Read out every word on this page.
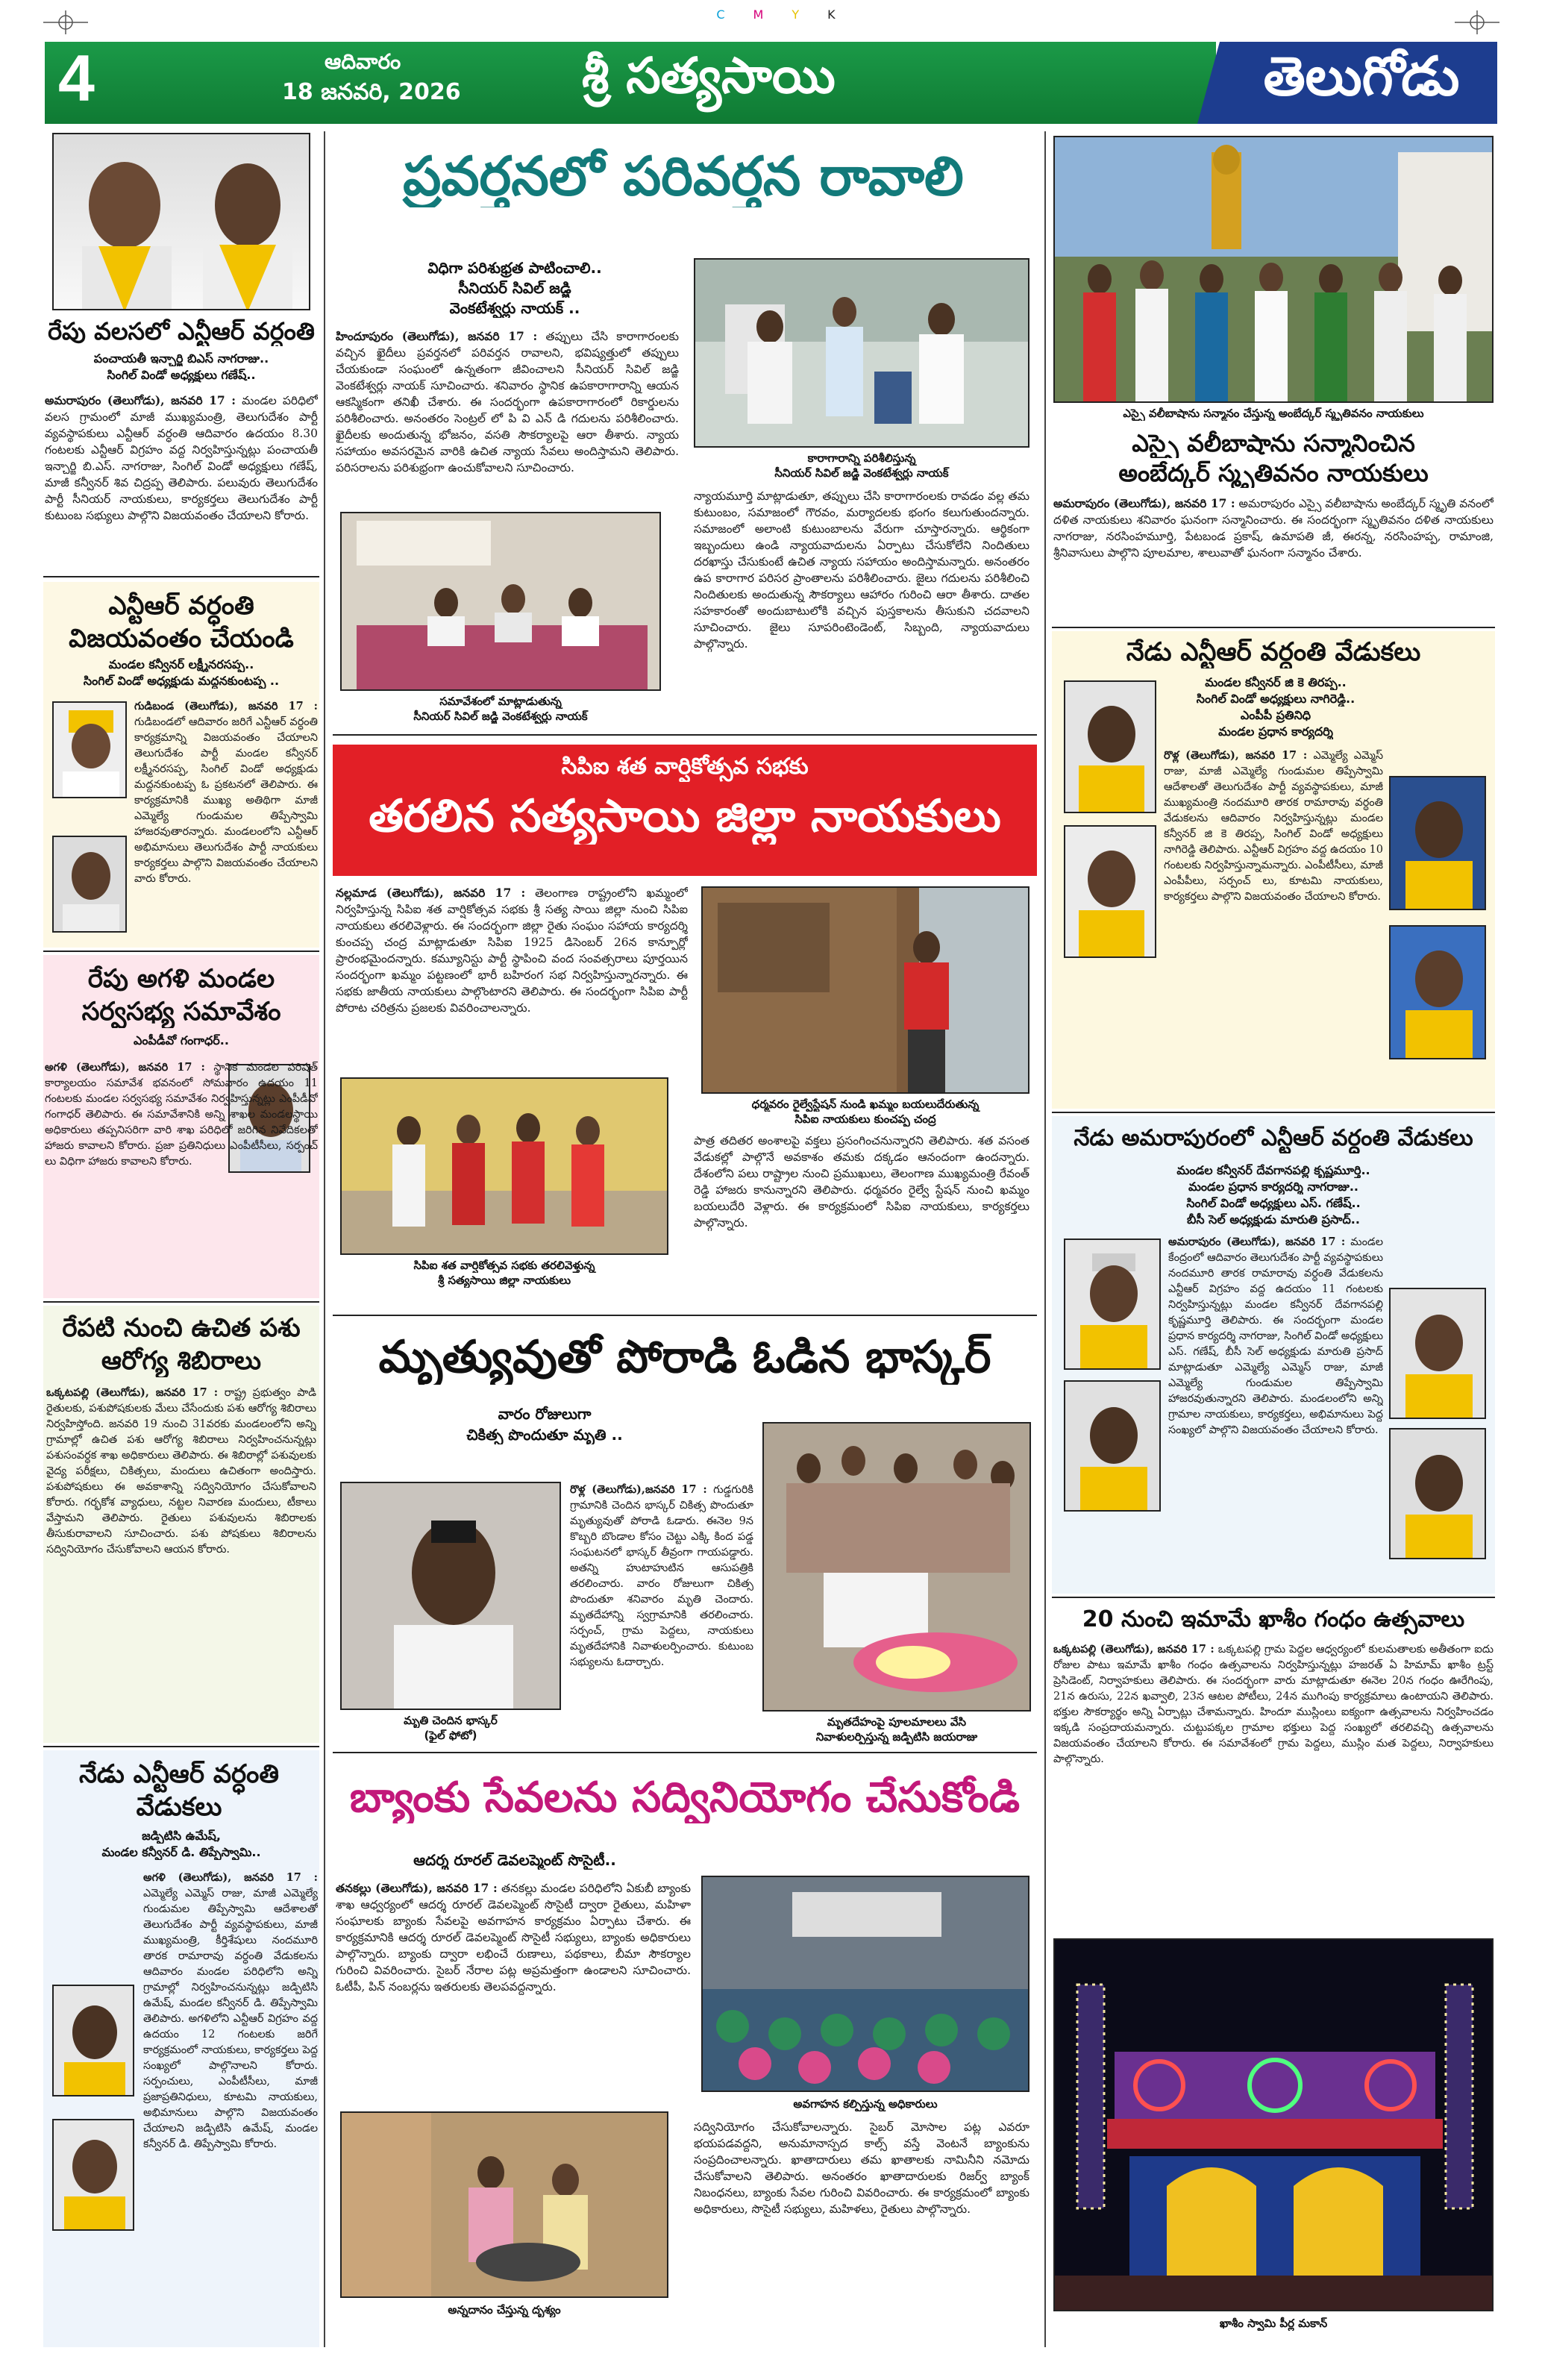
C M Y K
4	ఆదివారం
18 జనవరి, 2026 శ్రీ సత్యసాయి	తెలుగోడు
రేపు వలసలో ఎన్టీఆర్ వర్ధంతి
పంచాయతీ ఇన్చార్జి బిఎస్ నాగరాజు..
సింగిల్ విండో అధ్యక్షులు గణేష్..
అమరాపురం (తెలుగోడు), జనవరి 17 : మండల పరిధిలో వలస గ్రామంలో మాజీ ముఖ్యమంత్రి, తెలుగుదేశం పార్టీ వ్యవస్థాపకులు ఎన్టీఆర్ వర్ధంతి ఆదివారం ఉదయం 8.30 గంటలకు ఎన్టీఆర్ విగ్రహం వద్ద నిర్వహిస్తున్నట్లు పంచాయతీ ఇన్చార్జి బి.ఎస్. నాగరాజు, సింగిల్ విండో అధ్యక్షులు గణేష్, మాజీ కన్వీనర్ శివ చిద్రప్ప తెలిపారు. పలువురు తెలుగుదేశం పార్టీ సీనియర్ నాయకులు, కార్యకర్తలు తెలుగుదేశం పార్టీ కుటుంబ సభ్యులు పాల్గొని విజయవంతం చేయాలని కోరారు.
ఎన్టీఆర్ వర్ధంతి విజయవంతం చేయండి
మండల కన్వీనర్ లక్ష్మీనరసప్ప..
సింగిల్ విండో అధ్యక్షుడు మద్దనకుంటప్ప ..
గుడిబండ (తెలుగోడు), జనవరి 17 : గుడిబండలో ఆదివారం జరిగే ఎన్టీఆర్ వర్ధంతి కార్యక్రమాన్ని విజయవంతం చేయాలని తెలుగుదేశం పార్టీ మండల కన్వీనర్ లక్ష్మీనరసప్ప, సింగిల్ విండో అధ్యక్షుడు మద్దనకుంటప్ప ఓ ప్రకటనలో తెలిపారు. ఈ కార్యక్రమానికి ముఖ్య అతిథిగా మాజీ ఎమ్మెల్యే గుండుమల తిప్పేస్వామి హాజరవుతారన్నారు. మండలంలోని ఎన్టీఆర్ అభిమానులు తెలుగుదేశం పార్టీ నాయకులు కార్యకర్తలు పాల్గొని విజయవంతం చేయాలని వారు కోరారు.
రేపు అగళి మండల సర్వసభ్య సమావేశం
ఎంపీడీవో గంగాధర్..
అగళి (తెలుగోడు), జనవరి 17 : స్థానిక మండల పరిషత్ కార్యాలయం సమావేశ భవనంలో సోమవారం ఉదయం 11 గంటలకు మండల సర్వసభ్య సమావేశం నిర్వహిస్తున్నట్లు ఎంపీడీవో గంగాధర్ తెలిపారు. ఈ సమావేశానికి అన్ని శాఖల మండలస్థాయి అధికారులు తప్పనిసరిగా వారి శాఖ పరిధిలో జరిగిన నివేదికలతో హాజరు కావాలని కోరారు. ప్రజా ప్రతినిధులు ఎంపీటీసీలు, సర్పంచ్ లు విధిగా హాజరు కావాలని కోరారు.
రేపటి నుంచి ఉచిత పశు ఆరోగ్య శిబిరాలు
ఒక్కటపల్లి (తెలుగోడు), జనవరి 17 : రాష్ట్ర ప్రభుత్వం పాడి రైతులకు, పశుపోషకులకు మేలు చేసేందుకు పశు ఆరోగ్య శిబిరాలు నిర్వహిస్తోంది. జనవరి 19 నుంచి 31వరకు మండలంలోని అన్ని గ్రామాల్లో ఉచిత పశు ఆరోగ్య శిబిరాలు నిర్వహించనున్నట్లు పశుసంవర్ధక శాఖ అధికారులు తెలిపారు. ఈ శిబిరాల్లో పశువులకు వైద్య పరీక్షలు, చికిత్సలు, మందులు ఉచితంగా అందిస్తారు. పశుపోషకులు ఈ అవకాశాన్ని సద్వినియోగం చేసుకోవాలని కోరారు. గర్భకోశ వ్యాధులు, నట్టల నివారణ మందులు, టీకాలు వేస్తామని తెలిపారు. రైతులు పశువులను శిబిరాలకు తీసుకురావాలని సూచించారు. పశు పోషకులు శిబిరాలను సద్వినియోగం చేసుకోవాలని ఆయన కోరారు.
నేడు ఎన్టీఆర్ వర్ధంతి వేడుకలు
జడ్పిటిసి ఉమేష్,
మండల కన్వీనర్ డి. తిప్పేస్వామి..
అగళి (తెలుగోడు), జనవరి 17 : ఎమ్మెల్యే ఎమ్మెస్ రాజు, మాజీ ఎమ్మెల్యే గుండుమల తిప్పేస్వామి ఆదేశాలతో తెలుగుదేశం పార్టీ వ్యవస్థాపకులు, మాజీ ముఖ్యమంత్రి, కీర్తిశేషులు నందమూరి తారక రామారావు వర్ధంతి వేడుకలను ఆదివారం మండల పరిధిలోని అన్ని గ్రామాల్లో నిర్వహించనున్నట్లు జడ్పిటిసి ఉమేష్, మండల కన్వీనర్ డి. తిప్పేస్వామి తెలిపారు. అగళిలోని ఎన్టీఆర్ విగ్రహం వద్ద ఉదయం 12 గంటలకు జరిగే కార్యక్రమంలో నాయకులు, కార్యకర్తలు పెద్ద సంఖ్యలో పాల్గొనాలని కోరారు. సర్పంచులు, ఎంపీటీసీలు, మాజీ ప్రజాప్రతినిధులు, కూటమి నాయకులు, అభిమానులు పాల్గొని విజయవంతం చేయాలని జడ్పిటిసి ఉమేష్, మండల కన్వీనర్ డి. తిప్పేస్వామి కోరారు.
ప్రవర్తనలో పరివర్తన రావాలి
విధిగా పరిశుభ్రత పాటించాలి..
సీనియర్ సివిల్ జడ్జి
వెంకటేశ్వర్లు నాయక్ ..
హిందూపురం (తెలుగోడు), జనవరి 17 : తప్పులు చేసి కారాగారంలకు వచ్చిన ఖైదీలు ప్రవర్తనలో పరివర్తన రావాలని, భవిష్యత్తులో తప్పులు చేయకుండా సంఘంలో ఉన్నతంగా జీవించాలని సీనియర్ సివిల్ జడ్జి వెంకటేశ్వర్లు నాయక్ సూచించారు. శనివారం స్థానిక ఉపకారాగారాన్ని ఆయన ఆకస్మికంగా తనిఖీ చేశారు. ఈ సందర్భంగా ఉపకారాగారంలో రికార్డులను పరిశీలించారు. అనంతరం సెంట్రల్ లో పి వి ఎన్ డి గదులను పరిశీలించారు. ఖైదీలకు అందుతున్న భోజనం, వసతి సౌకర్యాలపై ఆరా తీశారు. న్యాయ సహాయం అవసరమైన వారికి ఉచిత న్యాయ సేవలు అందిస్తామని తెలిపారు. పరిసరాలను పరిశుభ్రంగా ఉంచుకోవాలని సూచించారు.
కారాగారాన్ని పరిశీలిస్తున్న
సీనియర్ సివిల్ జడ్జి వెంకటేశ్వర్లు నాయక్
సమావేశంలో మాట్లాడుతున్న
సీనియర్ సివిల్ జడ్జి వెంకటేశ్వర్లు నాయక్
న్యాయమూర్తి మాట్లాడుతూ, తప్పులు చేసి కారాగారంలకు రావడం వల్ల తమ కుటుంబం, సమాజంలో గౌరవం, మర్యాదలకు భంగం కలుగుతుందన్నారు. సమాజంలో అలాంటి కుటుంబాలను వేరుగా చూస్తారన్నారు. ఆర్థికంగా ఇబ్బందులు ఉండి న్యాయవాదులను ఏర్పాటు చేసుకోలేని నిందితులు దరఖాస్తు చేసుకుంటే ఉచిత న్యాయ సహాయం అందిస్తామన్నారు. అనంతరం ఉప కారాగార పరిసర ప్రాంతాలను పరిశీలించారు. జైలు గదులను పరిశీలించి నిందితులకు అందుతున్న సౌకర్యాలు ఆహారం గురించి ఆరా తీశారు. దాతల సహకారంతో అందుబాటులోకి వచ్చిన పుస్తకాలను తీసుకుని చదవాలని సూచించారు. జైలు సూపరింటెండెంట్, సిబ్బంది, న్యాయవాదులు పాల్గొన్నారు.
సిపిఐ శత వార్షికోత్సవ సభకు
తరలిన సత్యసాయి జిల్లా నాయకులు
నల్లమాడ (తెలుగోడు), జనవరి 17 : తెలంగాణ రాష్ట్రంలోని ఖమ్మంలో నిర్వహిస్తున్న సిపిఐ శత వార్షికోత్సవ సభకు శ్రీ సత్య సాయి జిల్లా నుంచి సిపిఐ నాయకులు తరలివెళ్లారు. ఈ సందర్భంగా జిల్లా రైతు సంఘం సహాయ కార్యదర్శి కుంచప్ప చంద్ర మాట్లాడుతూ సిపిఐ 1925 డిసెంబర్ 26న కాన్పూర్లో ప్రారంభమైందన్నారు. కమ్యూనిస్టు పార్టీ స్థాపించి వంద సంవత్సరాలు పూర్తయిన సందర్భంగా ఖమ్మం పట్టణంలో భారీ బహిరంగ సభ నిర్వహిస్తున్నారన్నారు. ఈ సభకు జాతీయ నాయకులు పాల్గొంటారని తెలిపారు. ఈ సందర్భంగా సిపిఐ పార్టీ పోరాట చరిత్రను ప్రజలకు వివరించాలన్నారు.
ధర్మవరం రైల్వేస్టేషన్ నుండి ఖమ్మం బయలుదేరుతున్న
సిపిఐ నాయకులు కుంచప్ప చంద్ర
సిపిఐ శత వార్షికోత్సవ సభకు తరలివెళ్తున్న
శ్రీ సత్యసాయి జిల్లా నాయకులు
పాత్ర తదితర అంశాలపై వక్తలు ప్రసంగించనున్నారని తెలిపారు. శత వసంత వేడుకల్లో పాల్గొనే అవకాశం తమకు దక్కడం ఆనందంగా ఉందన్నారు. దేశంలోని పలు రాష్ట్రాల నుంచి ప్రముఖులు, తెలంగాణ ముఖ్యమంత్రి రేవంత్ రెడ్డి హాజరు కానున్నారని తెలిపారు. ధర్మవరం రైల్వే స్టేషన్ నుంచి ఖమ్మం బయలుదేరి వెళ్లారు. ఈ కార్యక్రమంలో సిపిఐ నాయకులు, కార్యకర్తలు పాల్గొన్నారు.
మృత్యువుతో పోరాడి ఓడిన భాస్కర్
వారం రోజులుగా
చికిత్స పొందుతూ మృతి ..
మృతి చెందిన భాస్కర్
(ఫైల్ ఫోటో)
రొళ్ల (తెలుగోడు),జనవరి 17 : గుడ్డగురికి గ్రామానికి చెందిన భాస్కర్ చికిత్స పొందుతూ మృత్యువుతో పోరాడి ఓడారు. ఈనెల 9న కొబ్బరి బొండాల కోసం చెట్టు ఎక్కి కింద పడ్డ సంఘటనలో భాస్కర్ తీవ్రంగా గాయపడ్డారు. అతన్ని హుటాహుటిన ఆసుపత్రికి తరలించారు. వారం రోజులుగా చికిత్స పొందుతూ శనివారం మృతి చెందారు. మృతదేహాన్ని స్వగ్రామానికి తరలించారు. సర్పంచ్, గ్రామ పెద్దలు, నాయకులు మృతదేహానికి నివాళులర్పించారు. కుటుంబ సభ్యులను ఓదార్చారు.
మృతదేహంపై పూలమాలలు వేసి
నివాళులర్పిస్తున్న జడ్పిటిసి జయరాజు
బ్యాంకు సేవలను సద్వినియోగం చేసుకోండి
ఆదర్శ రూరల్ డెవలప్మెంట్ సొసైటీ..
తనకల్లు (తెలుగోడు), జనవరి 17 : తనకల్లు మండల పరిధిలోని ఏకుబీ బ్యాంకు శాఖ ఆధ్వర్యంలో ఆదర్శ రూరల్ డెవలప్మెంట్ సొసైటీ ద్వారా రైతులు, మహిళా సంఘాలకు బ్యాంకు సేవలపై అవగాహన కార్యక్రమం ఏర్పాటు చేశారు. ఈ కార్యక్రమానికి ఆదర్శ రూరల్ డెవలప్మెంట్ సొసైటీ సభ్యులు, బ్యాంకు అధికారులు పాల్గొన్నారు. బ్యాంకు ద్వారా లభించే రుణాలు, పథకాలు, బీమా సౌకర్యాల గురించి వివరించారు. సైబర్ నేరాల పట్ల అప్రమత్తంగా ఉండాలని సూచించారు. ఓటీపీ, పిన్ నంబర్లను ఇతరులకు తెలపవద్దన్నారు.
అవగాహన కల్పిస్తున్న అధికారులు
అన్నదానం చేస్తున్న దృశ్యం
సద్వినియోగం చేసుకోవాలన్నారు. సైబర్ మోసాల పట్ల ఎవరూ భయపడవద్దని, అనుమానాస్పద కాల్స్ వస్తే వెంటనే బ్యాంకును సంప్రదించాలన్నారు. ఖాతాదారులు తమ ఖాతాలకు నామినీని నమోదు చేసుకోవాలని తెలిపారు. అనంతరం ఖాతాదారులకు రిజర్వ్ బ్యాంక్ నిబంధనలు, బ్యాంకు సేవల గురించి వివరించారు. ఈ కార్యక్రమంలో బ్యాంకు అధికారులు, సొసైటీ సభ్యులు, మహిళలు, రైతులు పాల్గొన్నారు.
ఎస్సై వలీబాషాను సన్మానం చేస్తున్న అంబేద్కర్ స్మృతివనం నాయకులు
ఎస్సై వలీబాషాను సన్మానించిన
అంబేద్కర్ స్మృతివనం నాయకులు
అమరాపురం (తెలుగోడు), జనవరి 17 : అమరాపురం ఎస్సై వలీబాషాను అంబేద్కర్ స్మృతి వనంలో దళిత నాయకులు శనివారం ఘనంగా సన్మానించారు. ఈ సందర్భంగా స్మృతివనం దళిత నాయకులు నాగరాజు, నరసింహమూర్తి, పేటబండ ప్రకాష్, ఉమాపతి జీ, ఈరన్న, నరసింహప్ప, రామాంజి, శ్రీనివాసులు పాల్గొని పూలమాల, శాలువాతో ఘనంగా సన్మానం చేశారు.
నేడు ఎన్టీఆర్ వర్ధంతి వేడుకలు
మండల కన్వీనర్ జి కె తిరప్ప..
సింగిల్ విండో అధ్యక్షులు నాగిరెడ్డి..
ఎంపీపీ ప్రతినిధి
మండల ప్రధాన కార్యదర్శి
రొళ్ల (తెలుగోడు), జనవరి 17 : ఎమ్మెల్యే ఎమ్మెస్ రాజు, మాజీ ఎమ్మెల్యే గుండుమల తిప్పేస్వామి ఆదేశాలతో తెలుగుదేశం పార్టీ వ్యవస్థాపకులు, మాజీ ముఖ్యమంత్రి నందమూరి తారక రామారావు వర్ధంతి వేడుకలను ఆదివారం నిర్వహిస్తున్నట్లు మండల కన్వీనర్ జి కె తిరప్ప, సింగిల్ విండో అధ్యక్షులు నాగిరెడ్డి తెలిపారు. ఎన్టీఆర్ విగ్రహం వద్ద ఉదయం 10 గంటలకు నిర్వహిస్తున్నామన్నారు. ఎంపీటీసీలు, మాజీ ఎంపీపీలు, సర్పంచ్ లు, కూటమి నాయకులు, కార్యకర్తలు పాల్గొని విజయవంతం చేయాలని కోరారు.
నేడు అమరాపురంలో ఎన్టీఆర్ వర్ధంతి వేడుకలు
మండల కన్వీనర్ దేవగానపల్లి కృష్ణమూర్తి..
మండల ప్రధాన కార్యదర్శి నాగరాజు..
సింగిల్ విండో అధ్యక్షులు ఎస్. గణేష్..
బీసీ సెల్ అధ్యక్షుడు మారుతి ప్రసాద్..
అమరాపురం (తెలుగోడు), జనవరి 17 : మండల కేంద్రంలో ఆదివారం తెలుగుదేశం పార్టీ వ్యవస్థాపకులు నందమూరి తారక రామారావు వర్ధంతి వేడుకలను ఎన్టీఆర్ విగ్రహం వద్ద ఉదయం 11 గంటలకు నిర్వహిస్తున్నట్లు మండల కన్వీనర్ దేవగానపల్లి కృష్ణమూర్తి తెలిపారు. ఈ సందర్భంగా మండల ప్రధాన కార్యదర్శి నాగరాజు, సింగిల్ విండో అధ్యక్షులు ఎస్. గణేష్, బీసీ సెల్ అధ్యక్షుడు మారుతి ప్రసాద్ మాట్లాడుతూ ఎమ్మెల్యే ఎమ్మెస్ రాజు, మాజీ ఎమ్మెల్యే గుండుమల తిప్పేస్వామి హాజరవుతున్నారని తెలిపారు. మండలంలోని అన్ని గ్రామాల నాయకులు, కార్యకర్తలు, అభిమానులు పెద్ద సంఖ్యలో పాల్గొని విజయవంతం చేయాలని కోరారు.
20 నుంచి ఇమామే ఖాశీం గంధం ఉత్సవాలు
ఒక్కటపల్లి (తెలుగోడు), జనవరి 17 : ఒక్కటపల్లి గ్రామ పెద్దల ఆధ్వర్యంలో కులమతాలకు అతీతంగా ఐదు రోజుల పాటు ఇమామే ఖాశీం గంధం ఉత్సవాలను నిర్వహిస్తున్నట్లు హజరత్ ఏ హిమామ్ ఖాశీం ట్రస్ట్ ప్రెసిడెంట్, నిర్వాహకులు తెలిపారు. ఈ సందర్భంగా వారు మాట్లాడుతూ ఈనెల 20న గంధం ఊరేగింపు, 21న ఉరుసు, 22న ఖవ్వాలి, 23న ఆటల పోటీలు, 24న ముగింపు కార్యక్రమాలు ఉంటాయని తెలిపారు. భక్తుల సౌకర్యార్థం అన్ని ఏర్పాట్లు చేశామన్నారు. హిందూ ముస్లింలు ఐక్యంగా ఉత్సవాలను నిర్వహించడం ఇక్కడి సంప్రదాయమన్నారు. చుట్టుపక్కల గ్రామాల భక్తులు పెద్ద సంఖ్యలో తరలివచ్చి ఉత్సవాలను విజయవంతం చేయాలని కోరారు. ఈ సమావేశంలో గ్రామ పెద్దలు, ముస్లిం మత పెద్దలు, నిర్వాహకులు పాల్గొన్నారు.
ఖాశీం స్వామి పీర్ల మకాన్
